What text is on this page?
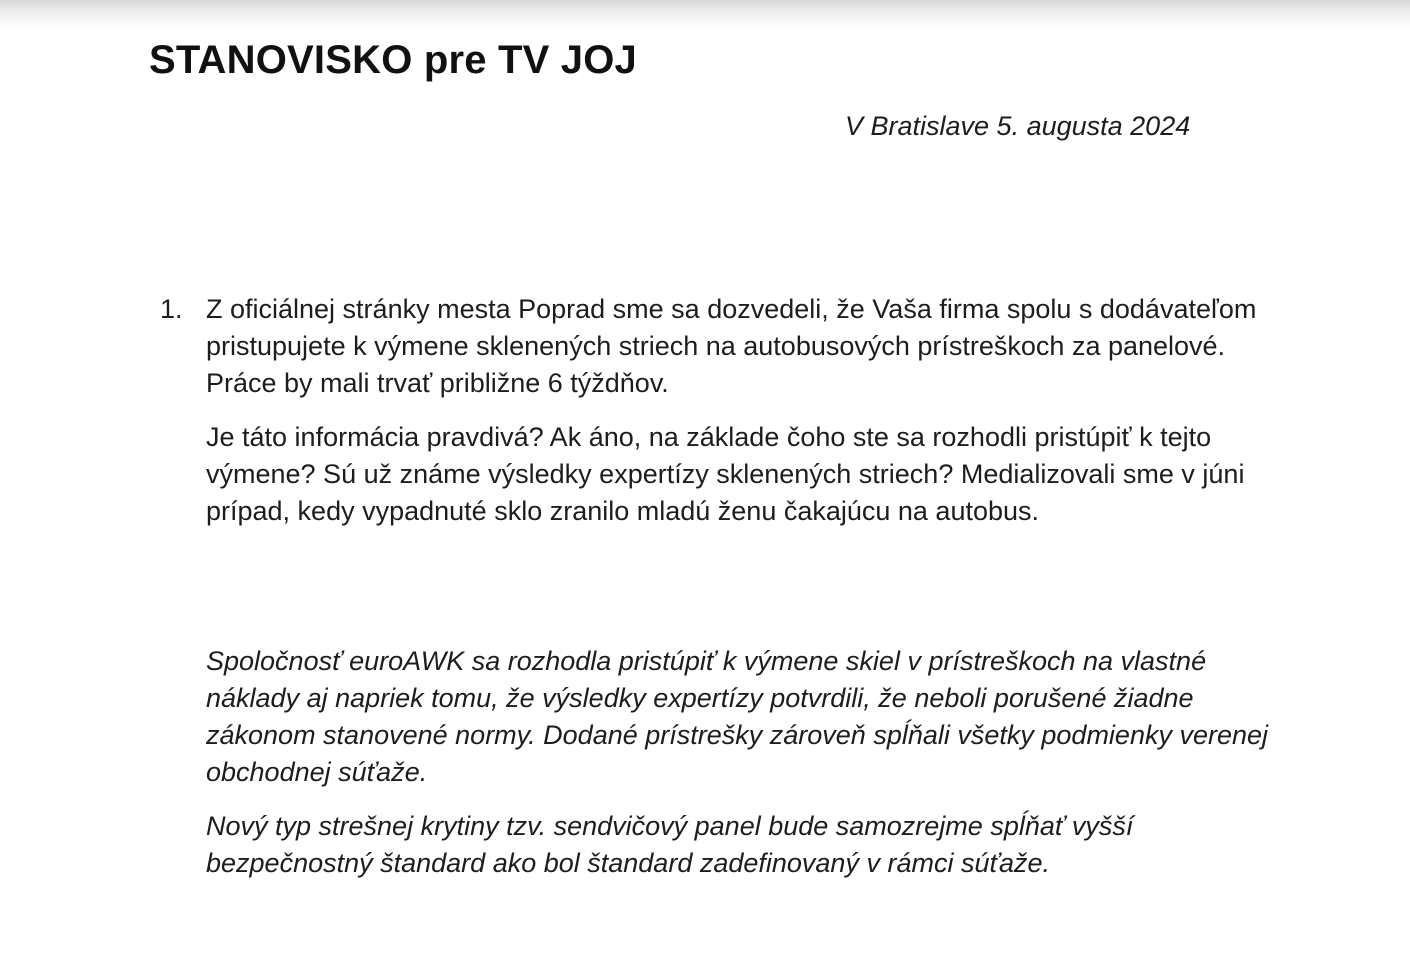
STANOVISKO pre TV JOJ
V Bratislave 5. augusta 2024
1. Z oficiálnej stránky mesta Poprad sme sa dozvedeli, že Vaša firma spolu s dodávateľom pristupujete k výmene sklenených striech na autobusových prístreškoch za panelové. Práce by mali trvať približne 6 týždňov.

Je táto informácia pravdivá? Ak áno, na základe čoho ste sa rozhodli pristúpiť k tejto výmene? Sú už známe výsledky expertízy sklenených striech? Medializovali sme v júni prípad, kedy vypadnuté sklo zranilo mladú ženu čakajúcu na autobus.

Spoločnosť euroAWK sa rozhodla pristúpiť k výmene skiel v prístreškoch na vlastné náklady aj napriek tomu, že výsledky expertízy potvrdili, že neboli porušené žiadne zákonom stanovené normy. Dodané prístrešky zároveň spĺňali všetky podmienky verenej obchodnej súťaže.

Nový typ strešnej krytiny tzv. sendvičový panel bude samozrejme spĺňať vyšší bezpečnostný štandard ako bol štandard zadefinovaný v rámci súťaže.
